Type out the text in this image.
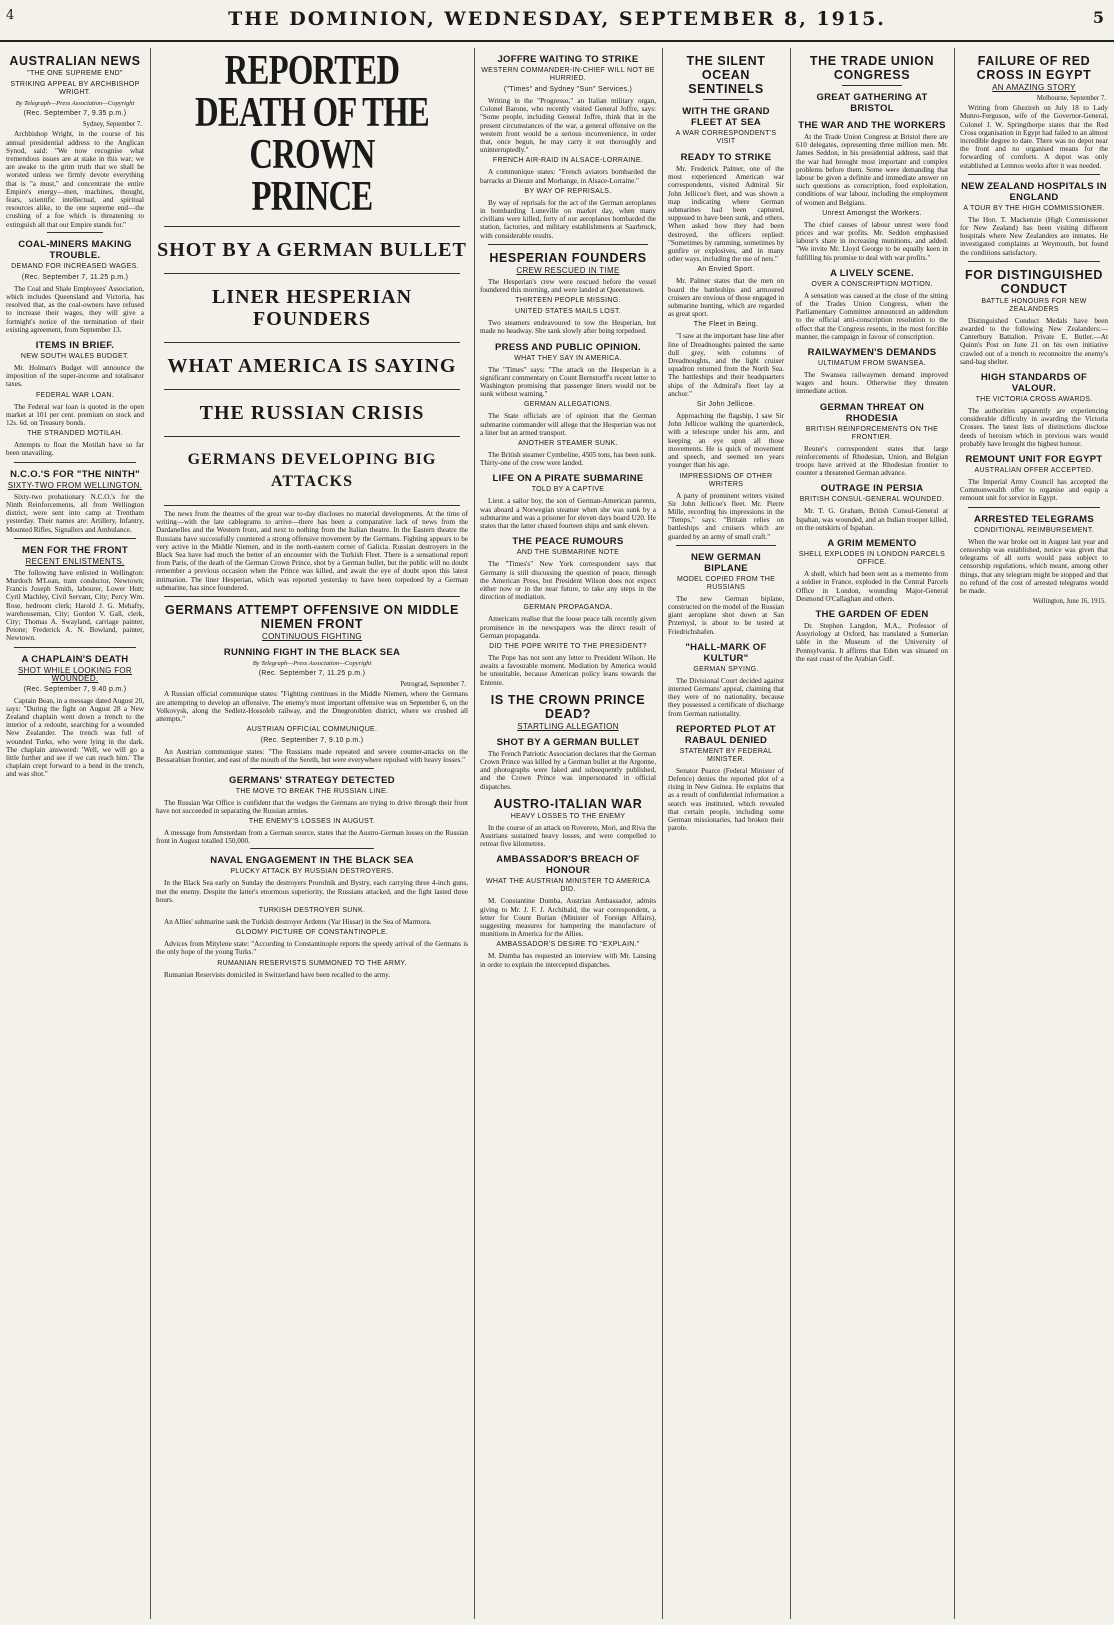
4	THE DOMINION, WEDNESDAY, SEPTEMBER 8, 1915.	5
AUSTRALIAN NEWS
"THE ONE SUPREME END"
STRIKING APPEAL BY ARCHBISHOP WRIGHT.
By Telegraph—Press Association—Copyright
(Rec. September 7, 9.35 p.m.)
Sydney, September 7.

Archbishop Wright, in the course of his annual presidential address to the Anglican Synod, said: "We now recognise what tremendous issues are at stake in this war; we are awake to the grim truth that we shall be worsted unless we firmly devote everything that is "a must," and concentrate the entire Empire's energy—men, machines, thought, fears, scientific intellectual, and spiritual resources alike, to the one supreme end—the crushing of a foe which is threatening to extinguish all that our Empire stands for."

COAL-MINERS MAKING TROUBLE.
DEMAND FOR INCREASED WAGES.
(Rec. September 7, 11.25 p.m.)

The Coal and Shale Employees' Association, which includes Queensland and Victoria, has resolved that, as the coal-owners have refused to increase their wages, they will give a fortnight's notice of the termination of their existing agreement, from September 13.

ITEMS IN BRIEF.
NEW SOUTH WALES BUDGET.

Mr. Holman's Budget will announce the imposition of the super-income and totalisator taxes.

FEDERAL WAR LOAN.

The Federal war loan is quoted in the open market at 101 per cent. premium on stock and 12s. 6d. on Treasury bonds.

THE STRANDED MOTILAH.

Attempts to float the Motilah have so far been unavailing.

N.C.O.'S FOR "THE NINTH"
SIXTY-TWO FROM WELLINGTON.

Sixty-two probationary N.C.O.'s for the Ninth Reinforcements, all from Wellington district, were sent into camp at Trentham yesterday. Their names are: Artillery, Infantry, Mounted Rifles, Signallers and Ambulance.

MEN FOR THE FRONT
RECENT ENLISTMENTS.

The following have enlisted in Wellington: Murdoch M'Lean, tram conductor, Newtown; Francis Joseph Smith, labourer, Lower Hutt; Cyril Machley, Civil Servant, City; Percy Wm. Rose, bedroom clerk; Harold J. G. Mehafty, warehouseman, City; Gordon V. Gall, clerk, City; Thomas A. Swayland, carriage painter, Petone; Frederick A. N. Bowland, painter, Newtown.

A CHAPLAIN'S DEATH
SHOT WHILE LOOKING FOR WOUNDED.
(Rec. September 7, 9.40 p.m.)

Captain Bean, in a message dated August 20, says: "During the fight on August 28 a New Zealand chaplain went down a trench to the interior of a redoubt, searching for a wounded New Zealander. The trench was full of wounded Turks, who were lying in the dark. The chaplain answered: 'Well, we will go a little further and see if we can reach him.' The chaplain crept forward to a bend in the trench, and was shot."

REPORTED DEATH OF THE CROWN PRINCE
SHOT BY A GERMAN BULLET
LINER HESPERIAN FOUNDERS
WHAT AMERICA IS SAYING
THE RUSSIAN CRISIS
GERMANS DEVELOPING BIG ATTACKS

The news from the theatres of the great war to-day discloses no material developments. At the time of writing—with the late cablegrams to arrive—there has been a comparative lack of news from the Dardanelles and the Western front, and next to nothing from the Italian theatre. In the Eastern theatre the Russians have successfully countered a strong offensive movement by the Germans. Fighting appears to be very active in the Middle Niemen, and in the north-eastern corner of Galicia. Russian destroyers in the Black Sea have had much the better of an encounter with the Turkish Fleet. There is a sensational report from Paris, of the death of the German Crown Prince, shot by a German bullet, but the public will no doubt remember a previous occasion when the Prince was killed, and await the eye of doubt upon this latest intimation. The liner Hesperian, which was reported yesterday to have been torpedoed by a German submarine, has since foundered.

GERMANS ATTEMPT OFFENSIVE ON MIDDLE NIEMEN FRONT
CONTINUOUS FIGHTING
RUNNING FIGHT IN THE BLACK SEA
By Telegraph—Press Association—Copyright
(Rec. September 7, 11.25 p.m.)
Petrograd, September 7.

A Russian official communique states: "Fighting continues in the Middle Niemen, where the Germans are attempting to develop an offensive. The enemy's most important offensive was on September 6, on the Volkovysk, along the Sedletz-Hossoleb railway, and the Dnegrotoblen district, where we crushed all attempts."

AUSTRIAN OFFICIAL COMMUNIQUE.
(Rec. September 7, 9.10 p.m.)

An Austrian communique states: "The Russians made repeated and severe counter-attacks on the Bessarabian frontier, and east of the mouth of the Sereth, but were everywhere repulsed with heavy losses."

GERMANS' STRATEGY DETECTED
THE MOVE TO BREAK THE RUSSIAN LINE.

The Russian War Office is confident that the wedges the Germans are trying to drive through their front have not succeeded in separating the Russian armies.

THE ENEMY'S LOSSES IN AUGUST.

A message from Amsterdam from a German source, states that the Austro-German losses on the Russian front in August totalled 150,000.

NAVAL ENGAGEMENT IN THE BLACK SEA
PLUCKY ATTACK BY RUSSIAN DESTROYERS.

In the Black Sea early on Sunday the destroyers Prorolnik and Bystry, each carrying three 4-inch guns, met the enemy. Despite the latter's enormous superiority, the Russians attacked, and the fight lasted three hours.

TURKISH DESTROYER SUNK.

An Allies' submarine sank the Turkish destroyer Ardents (Yar Hissar) in the Sea of Marmora.

GLOOMY PICTURE OF CONSTANTINOPLE.

Advices from Mitylene state: "According to Constantinople reports the speedy arrival of the Germans is the only hope of the young Turks."

RUMANIAN RESERVISTS SUMMONED TO THE ARMY.

Rumanian Reservists domiciled in Switzerland have been recalled to the army.

JOFFRE WAITING TO STRIKE
WESTERN COMMANDER-IN-CHIEF WILL NOT BE HURRIED.
("Times" and Sydney "Sun" Services.)

Writing in the "Progresso," an Italian military organ, Colonel Barone, who recently visited General Joffre, says: "Some people, including General Joffre, think that in the present circumstances of the war, a general offensive on the western front would be a serious inconvenience, in order that, once begun, he may carry it out thoroughly and uninterruptedly."

FRENCH AIR-RAID IN ALSACE-LORRAINE.

A communique states: "French aviators bombarded the barracks at Dieuze and Morhange, in Alsace-Lorraine."

BY WAY OF REPRISALS.

By way of reprisals for the act of the German aeroplanes in bombarding Luneville on market day, when many civilians were killed, forty of our aeroplanes bombarded the station, factories, and military establishments at Saarbruck, with considerable results.

HESPERIAN FOUNDERS
CREW RESCUED IN TIME

The Hesperian's crew were rescued before the vessel foundered this morning, and were landed at Queenstown.

THIRTEEN PEOPLE MISSING.
UNITED STATES MAILS LOST.

Two steamers endeavoured to tow the Hesperian, but made no headway. She sank slowly after being torpedoed.

PRESS AND PUBLIC OPINION.
WHAT THEY SAY IN AMERICA.

The "Times" says: "The attack on the Hesperian is a significant commentary on Count Bernstorff's recent letter to Washington promising that passenger liners would not be sunk without warning."

GERMAN ALLEGATIONS.

The State officials are of opinion that the German submarine commander will allege that the Hesperian was not a liner but an armed transport.

ANOTHER STEAMER SUNK.

The British steamer Cymbeline, 4505 tons, has been sunk. Thirty-one of the crew were landed.

LIFE ON A PIRATE SUBMARINE
TOLD BY A CAPTIVE

Lieut. a sailor boy, the son of German-American parents, was aboard a Norwegian steamer when she was sunk by a submarine and was a prisoner for eleven days board U20. He states that the latter chased fourteen ships and sank eleven.

THE PEACE RUMOURS
AND THE SUBMARINE NOTE

The "Times's" New York correspondent says that Germany is still discussing the question of peace, through the American Press, but President Wilson does not expect either now or in the near future, to take any steps in the direction of mediation.

GERMAN PROPAGANDA.

Americans realise that the loose peace talk recently given prominence in the newspapers was the direct result of German propaganda.

DID THE POPE WRITE TO THE PRESIDENT?

The Pope has not sent any letter to President Wilson. He awaits a favourable moment. Mediation by America would be unsuitable, because American policy leans towards the Entente.

IS THE CROWN PRINCE DEAD?
STARTLING ALLEGATION
SHOT BY A GERMAN BULLET

The French Patriotic Association declares that the German Crown Prince was killed by a German bullet at the Argonne, and photographs were faked and subsequently published, and the Crown Prince was impersonated in official dispatches.

AUSTRO-ITALIAN WAR
HEAVY LOSSES TO THE ENEMY

In the course of an attack on Rovereto, Mori, and Riva the Austrians sustained heavy losses, and were compelled to retreat five kilometres.

AMBASSADOR'S BREACH OF HONOUR
WHAT THE AUSTRIAN MINISTER TO AMERICA DID.

M. Constantine Dumba, Austrian Ambassador, admits giving to Mr. J. F. J. Archibald, the war correspondent, a letter for Count Burian (Minister of Foreign Affairs), suggesting measures for hampering the manufacture of munitions in America for the Allies.

AMBASSADOR'S DESIRE TO "EXPLAIN."

M. Dumba has requested an interview with Mr. Lansing in order to explain the intercepted dispatches.

THE SILENT OCEAN SENTINELS
WITH THE GRAND FLEET AT SEA
A WAR CORRESPONDENT'S VISIT
READY TO STRIKE

Mr. Frederick Palmer, one of the most experienced American war correspondents, visited Admiral Sir John Jellicoe's fleet, and was shown a map indicating where German submarines had been captured, supposed to have been sunk, and others. When asked how they had been destroyed, the officers replied: "Sometimes by ramming, sometimes by gunfire or explosives, and in many other ways, including the use of nets."

An Envied Sport.

Mr. Palmer states that the men on board the battleships and armoured cruisers are envious of those engaged in submarine hunting, which are regarded as great sport.

The Fleet in Being.

"I saw at the important base line after line of Dreadnoughts painted the same dull grey, with columns of Dreadnoughts, and the light cruiser squadron returned from the North Sea. The battleships and their headquarters ships of the Admiral's fleet lay at anchor."

Sir John Jellicoe.

Approaching the flagship, I saw Sir John Jellicoe walking the quarterdeck, with a telescope under his arm, and keeping an eye upon all those movements. He is quick of movement and speech, and seemed ten years younger than his age.

IMPRESSIONS OF OTHER WRITERS

A party of prominent writers visited Sir John Jellicoe's fleet. Mr. Pierre Mille, recording his impressions in the "Temps," says: "Britain relies on battleships and cruisers which are guarded by an army of small craft."

NEW GERMAN BIPLANE
MODEL COPIED FROM THE RUSSIANS

The new German biplane, constructed on the model of the Russian giant aeroplane shot down at San Przemysl, is about to be tested at Friedrichshafen.

"HALL-MARK OF KULTUR"
GERMAN SPYING.

The Divisional Court decided against interned Germans' appeal, claiming that they were of no nationality, because they possessed a certificate of discharge from German nationality.

REPORTED PLOT AT RABAUL DENIED
STATEMENT BY FEDERAL MINISTER.

Senator Pearce (Federal Minister of Defence) denies the reported plot of a rising in New Guinea. He explains that as a result of confidential information a search was instituted, which revealed that certain people, including some German missionaries, had broken their parole.

THE TRADE UNION CONGRESS
GREAT GATHERING AT BRISTOL
THE WAR AND THE WORKERS

At the Trade Union Congress at Bristol there are 610 delegates, representing three million men. Mr. James Seddon, in his presidential address, said that the war had brought most important and complex problems before them. Some were demanding that labour be given a definite and immediate answer on such questions as conscription, food exploitation, conditions of war labour, including the employment of women and Belgians.

Unrest Amongst the Workers.

The chief causes of labour unrest were food prices and war profits. Mr. Seddon emphasised labour's share in increasing munitions, and added: "We invite Mr. Lloyd George to be equally keen in fulfilling his promise to deal with war profits."

A LIVELY SCENE.
OVER A CONSCRIPTION MOTION.

A sensation was caused at the close of the sitting of the Trades Union Congress, when the Parliamentary Committee announced an addendum to the official anti-conscription resolution to the effect that the Congress resents, in the most forcible manner, the campaign in favour of conscription.

RAILWAYMEN'S DEMANDS
ULTIMATUM FROM SWANSEA.

The Swansea railwaymen demand improved wages and hours. Otherwise they threaten immediate action.

GERMAN THREAT ON RHODESIA
BRITISH REINFORCEMENTS ON THE FRONTIER.

Reuter's correspondent states that large reinforcements of Rhodesian, Union, and Belgian troops have arrived at the Rhodesian frontier to counter a threatened German advance.

OUTRAGE IN PERSIA
BRITISH CONSUL-GENERAL WOUNDED.

Mr. T. G. Graham, British Consul-General at Ispahan, was wounded, and an Indian trooper killed, on the outskirts of Ispahan.

A GRIM MEMENTO
SHELL EXPLODES IN LONDON PARCELS OFFICE.

A shell, which had been sent as a memento from a soldier in France, exploded in the Central Parcels Office in London, wounding Major-General Desmond O'Callaghan and others.

THE GARDEN OF EDEN

Dr. Stephen Langdon, M.A., Professor of Assyriology at Oxford, has translated a Sumerian table in the Museum of the University of Pennsylvania. It affirms that Eden was situated on the east coast of the Arabian Gulf.

FAILURE OF RED CROSS IN EGYPT
AN AMAZING STORY
Melbourne, September 7.

Writing from Ghezireh on July 18 to Lady Munro-Ferguson, wife of the Governor-General, Colonel J. W. Springthorpe states that the Red Cross organisation in Egypt had failed to an almost incredible degree to date. There was no depot near the front and no organised means for the forwarding of comforts. A depot was only established at Lemnos weeks after it was needed.

NEW ZEALAND HOSPITALS IN ENGLAND
A TOUR BY THE HIGH COMMISSIONER.

The Hon. T. Mackenzie (High Commissioner for New Zealand) has been visiting different hospitals where New Zealanders are inmates. He investigated complaints at Weymouth, but found the conditions satisfactory.

FOR DISTINGUISHED CONDUCT
BATTLE HONOURS FOR NEW ZEALANDERS

Distinguished Conduct Medals have been awarded to the following New Zealanders:—Canterbury Battalion. Private E. Butler.—At Quinn's Post on June 21 on his own initiative crawled out of a trench to reconnoitre the enemy's sand-bag shelter.

HIGH STANDARDS OF VALOUR.
THE VICTORIA CROSS AWARDS.

The authorities apparently are experiencing considerable difficulty in awarding the Victoria Crosses. The latest lists of distinctions disclose deeds of heroism which in previous wars would probably have brought the highest honour.

REMOUNT UNIT FOR EGYPT
AUSTRALIAN OFFER ACCEPTED.

The Imperial Army Council has accepted the Commonwealth offer to organise and equip a remount unit for service in Egypt.

ARRESTED TELEGRAMS
CONDITIONAL REIMBURSEMENT.

When the war broke out in August last year and censorship was established, notice was given that telegrams of all sorts would pass subject to censorship regulations, which meant, among other things, that any telegram might be stopped and that no refund of the cost of arrested telegrams would be made.

Wellington, June 16, 1915.
